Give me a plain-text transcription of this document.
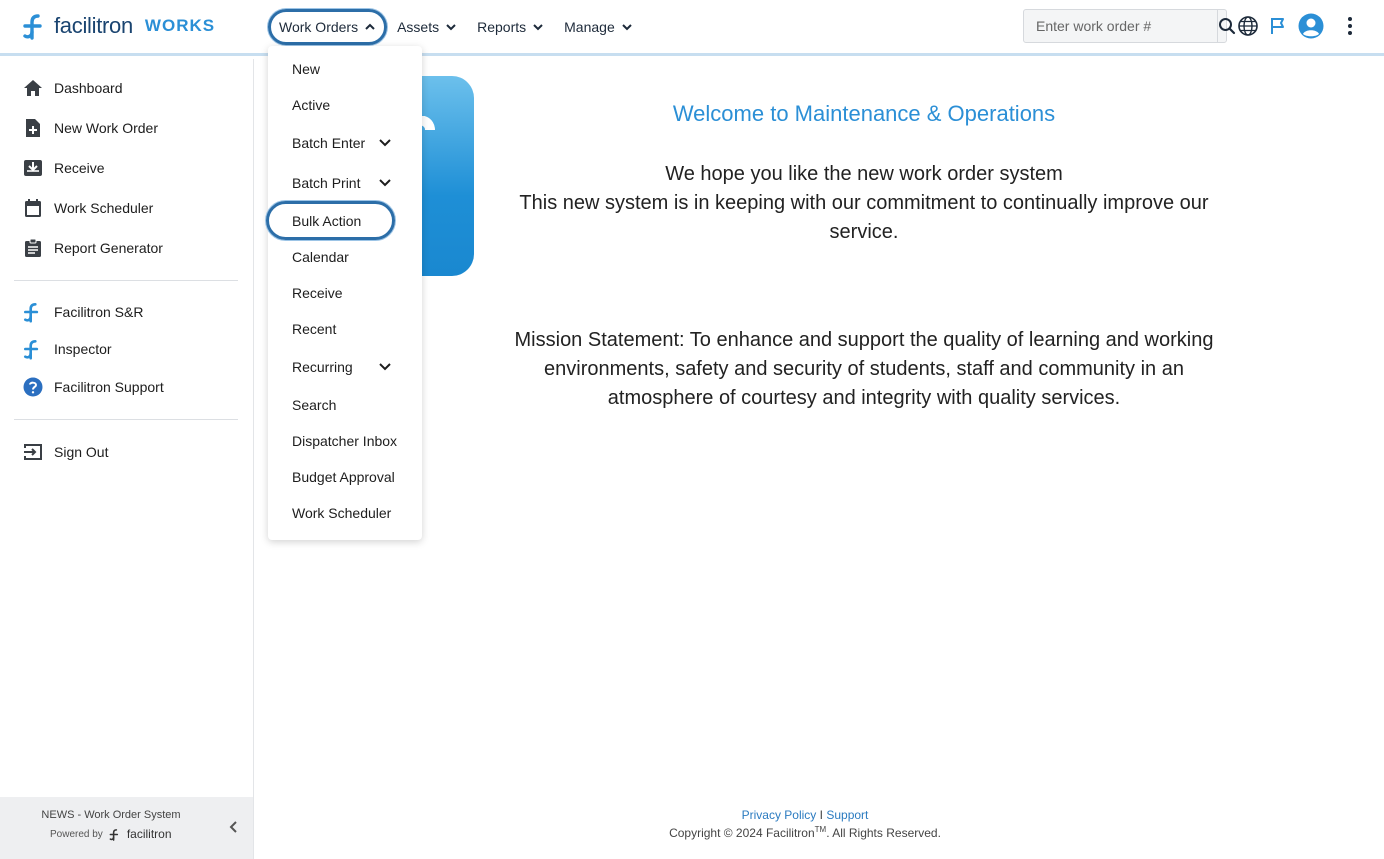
facilitron WORKS	Work Orders	Assets	Reports	Manage
Enter work order #
Dashboard
New Work Order
Receive
Work Scheduler
Report Generator
Facilitron S&R
Inspector
Facilitron Support
Sign Out
NEWS - Work Order System
Powered by facilitron
Welcome to Maintenance & Operations
We hope you like the new work order system
This new system is in keeping with our commitment to continually improve our service.
Mission Statement: To enhance and support the quality of learning and working environments, safety and security of students, staff and community in an atmosphere of courtesy and integrity with quality services.
Privacy Policy I Support
Copyright © 2024 Facilitron™. All Rights Reserved.
New
Active
Batch Enter
Batch Print
Bulk Action
Calendar
Receive
Recent
Recurring
Search
Dispatcher Inbox
Budget Approval
Work Scheduler
